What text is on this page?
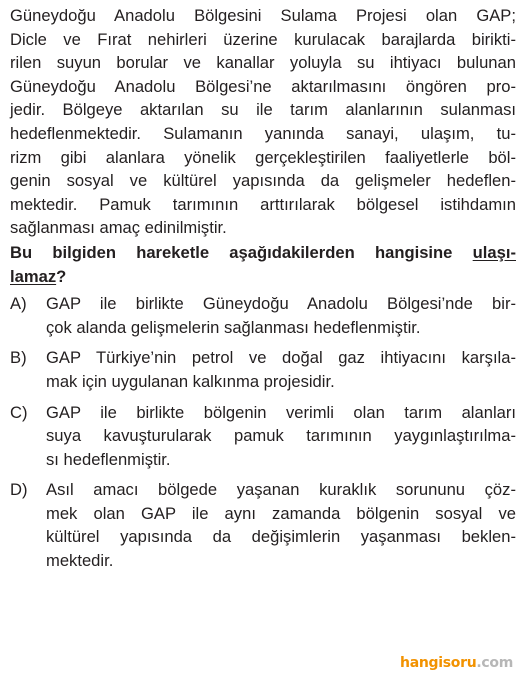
Güneydoğu Anadolu Bölgesini Sulama Projesi olan GAP;
Dicle ve Fırat nehirleri üzerine kurulacak barajlarda birikti-
rilen suyun borular ve kanallar yoluyla su ihtiyacı bulunan
Güneydoğu Anadolu Bölgesi’ne aktarılmasını öngören pro-
jedir. Bölgeye aktarılan su ile tarım alanlarının sulanması
hedeflenmektedir. Sulamanın yanında sanayi, ulaşım, tu-
rizm gibi alanlara yönelik gerçekleştirilen faaliyetlerle böl-
genin sosyal ve kültürel yapısında da gelişmeler hedeflen-
mektedir. Pamuk tarımının arttırılarak bölgesel istihdamın
sağlanması amaç edinilmiştir.
Bu bilgiden hareketle aşağıdakilerden hangisine ulaşı-
lamaz?
A) GAP ile birlikte Güneydoğu Anadolu Bölgesi’nde bir-
çok alanda gelişmelerin sağlanması hedeflenmiştir.
B) GAP Türkiye’nin petrol ve doğal gaz ihtiyacını karşıla-
mak için uygulanan kalkınma projesidir.
C) GAP ile birlikte bölgenin verimli olan tarım alanları
suya kavuşturularak pamuk tarımının yaygınlaştırılma-
sı hedeflenmiştir.
D) Asıl amacı bölgede yaşanan kuraklık sorununu çöz-
mek olan GAP ile aynı zamanda bölgenin sosyal ve
kültürel yapısında da değişimlerin yaşanması beklen-
mektedir.
hangisoru.com
